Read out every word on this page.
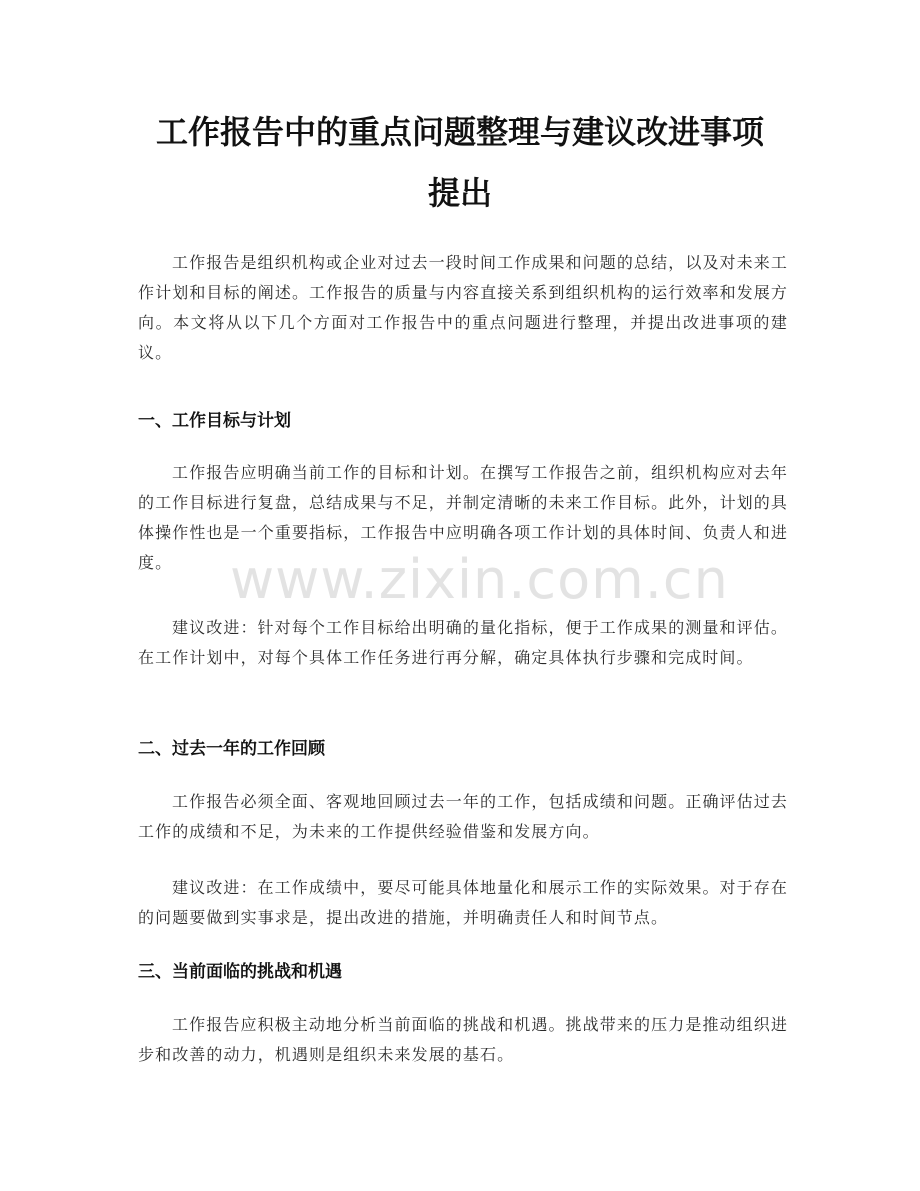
工作报告中的重点问题整理与建议改进事项
提出

工作报告是组织机构或企业对过去一段时间工作成果和问题的总结，以及对未来工作计划和目标的阐述。工作报告的质量与内容直接关系到组织机构的运行效率和发展方向。本文将从以下几个方面对工作报告中的重点问题进行整理，并提出改进事项的建议。

一、工作目标与计划

工作报告应明确当前工作的目标和计划。在撰写工作报告之前，组织机构应对去年的工作目标进行复盘，总结成果与不足，并制定清晰的未来工作目标。此外，计划的具体操作性也是一个重要指标，工作报告中应明确各项工作计划的具体时间、负责人和进度。

建议改进：针对每个工作目标给出明确的量化指标，便于工作成果的测量和评估。在工作计划中，对每个具体工作任务进行再分解，确定具体执行步骤和完成时间。

二、过去一年的工作回顾

工作报告必须全面、客观地回顾过去一年的工作，包括成绩和问题。正确评估过去工作的成绩和不足，为未来的工作提供经验借鉴和发展方向。

建议改进：在工作成绩中，要尽可能具体地量化和展示工作的实际效果。对于存在的问题要做到实事求是，提出改进的措施，并明确责任人和时间节点。

三、当前面临的挑战和机遇

工作报告应积极主动地分析当前面临的挑战和机遇。挑战带来的压力是推动组织进步和改善的动力，机遇则是组织未来发展的基石。

www.zixin.com.cn
